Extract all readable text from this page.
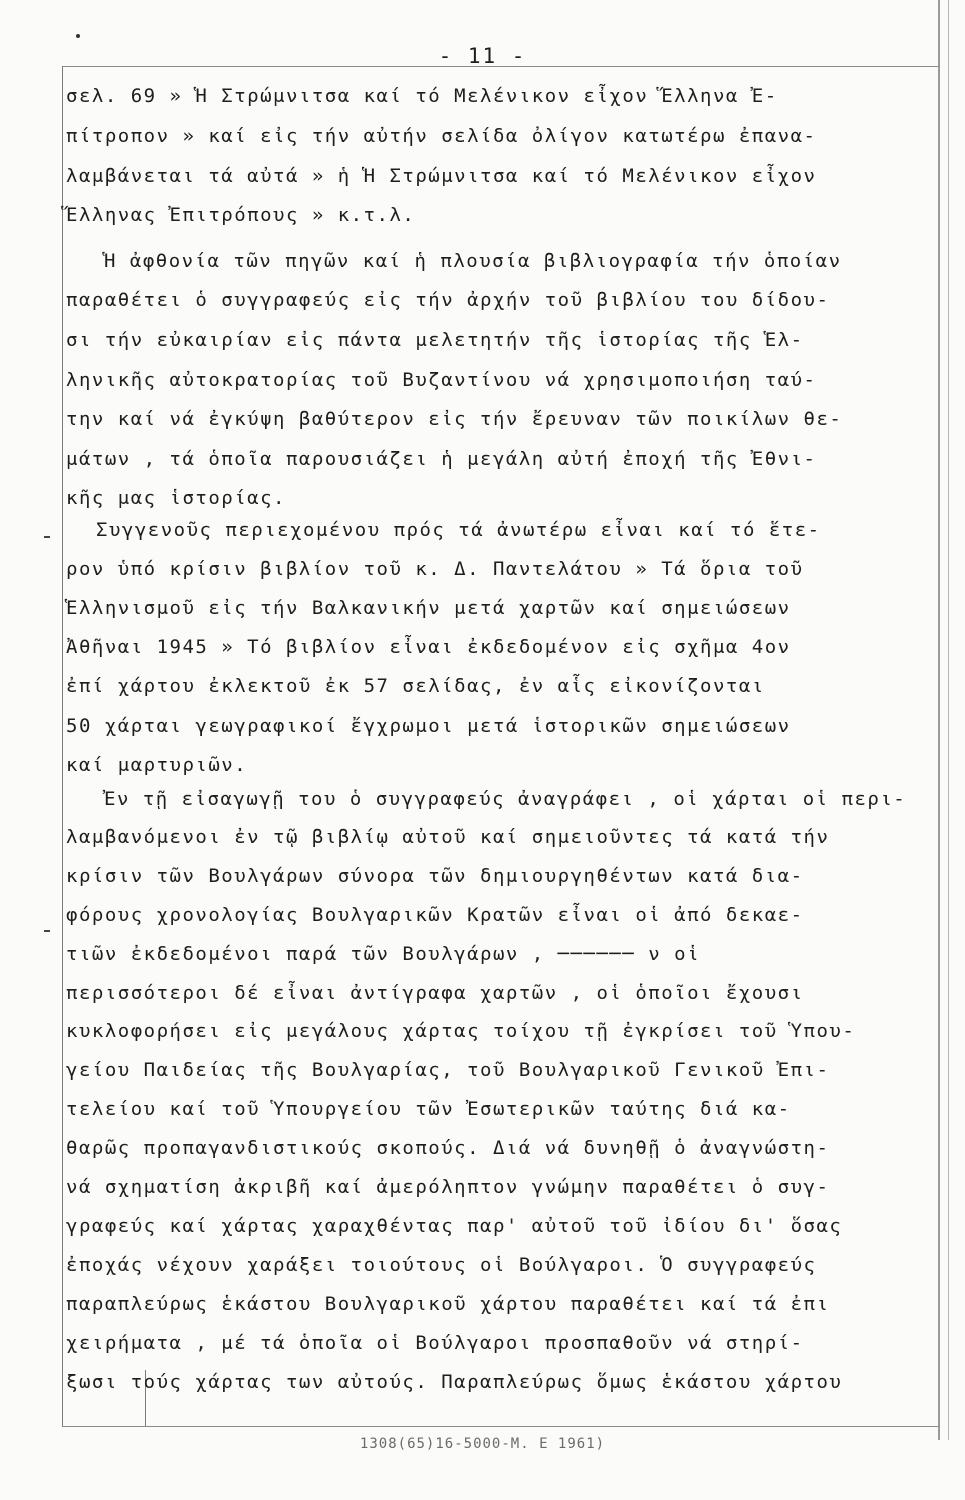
- 11 -
σελ. 69 » Ἡ Στρώμνιτσα καί τό Μελένικον εἶχον Ἕλληνα Ἐ-
πίτροπον » καί εἰς τήν αὐτήν σελίδα ὀλίγον κατωτέρω ἐπανα-
λαμβάνεται τά αὐτά » ἡ Ἡ Στρώμνιτσα καί τό Μελένικον εἶχον
Ἕλληνας Ἐπιτρόπους » κ.τ.λ.
Ἡ ἀφθονία τῶν πηγῶν καί ἡ πλουσία βιβλιογραφία τήν ὁποίαν
παραθέτει ὁ συγγραφεύς εἰς τήν ἀρχήν τοῦ βιβλίου του δίδου-
σι τήν εὐκαιρίαν εἰς πάντα μελετητήν τῆς ἱστορίας τῆς Ἑλ-
ληνικῆς αὐτοκρατορίας τοῦ Βυζαντίνου νά χρησιμοποιήση ταύ-
την καί νά ἐγκύψη βαθύτερον εἰς τήν ἔρευναν τῶν ποικίλων θε-
μάτων , τά ὁποῖα παρουσιάζει ἡ μεγάλη αὐτή ἐποχή τῆς Ἐθνι-
κῆς μας ἱστορίας.
Συγγενοῦς περιεχομένου πρός τά ἀνωτέρω εἶναι καί τό ἕτε-
ρον ὑπό κρίσιν βιβλίον τοῦ κ. Δ. Παντελάτου » Τά ὅρια τοῦ
Ἑλληνισμοῦ εἰς τήν Βαλκανικήν μετά χαρτῶν καί σημειώσεων
Ἀθῆναι 1945 » Τό βιβλίον εἶναι ἐκδεδομένον εἰς σχῆμα 4ον
ἐπί χάρτου ἐκλεκτοῦ ἐκ 57 σελίδας, ἐν αἷς εἰκονίζονται
50 χάρται γεωγραφικοί ἔγχρωμοι μετά ἱστορικῶν σημειώσεων
καί μαρτυριῶν.
Ἐν τῇ εἰσαγωγῇ του ὁ συγγραφεύς ἀναγράφει , οἱ χάρται οἱ περι-
λαμβανόμενοι ἐν τῷ βιβλίῳ αὐτοῦ καί σημειοῦντες τά κατά τήν
κρίσιν τῶν Βουλγάρων σύνορα τῶν δημιουργηθέντων κατά δια-
φόρους χρονολογίας Βουλγαρικῶν Κρατῶν εἶναι οἱ ἀπό δεκαε-
τιῶν ἐκδεδομένοι παρά τῶν Βουλγάρων , ────── ν οἱ
περισσότεροι δέ εἶναι ἀντίγραφα χαρτῶν , οἱ ὁποῖοι ἔχουσι
κυκλοφορήσει εἰς μεγάλους χάρτας τοίχου τῇ ἐγκρίσει τοῦ Ὑπου-
γείου Παιδείας τῆς Βουλγαρίας, τοῦ Βουλγαρικοῦ Γενικοῦ Ἐπι-
τελείου καί τοῦ Ὑπουργείου τῶν Ἐσωτερικῶν ταύτης διά κα-
θαρῶς προπαγανδιστικούς σκοπούς. Διά νά δυνηθῇ ὁ ἀναγνώστη-
νά σχηματίση ἀκριβῆ καί ἀμερόληπτον γνώμην παραθέτει ὁ συγ-
γραφεύς καί χάρτας χαραχθέντας παρ' αὐτοῦ τοῦ ἰδίου δι' ὅσας
ἐποχάς νέχουν χαράξει τοιούτους οἱ Βούλγαροι. Ὁ συγγραφεύς
παραπλεύρως ἑκάστου Βουλγαρικοῦ χάρτου παραθέτει καί τά ἐπι
χειρήματα , μέ τά ὁποῖα οἱ Βούλγαροι προσπαθοῦν νά στηρί-
ξωσι τούς χάρτας των αὐτούς. Παραπλεύρως ὅμως ἑκάστου χάρτου
1308(65)16-5000-M. E 1961)
